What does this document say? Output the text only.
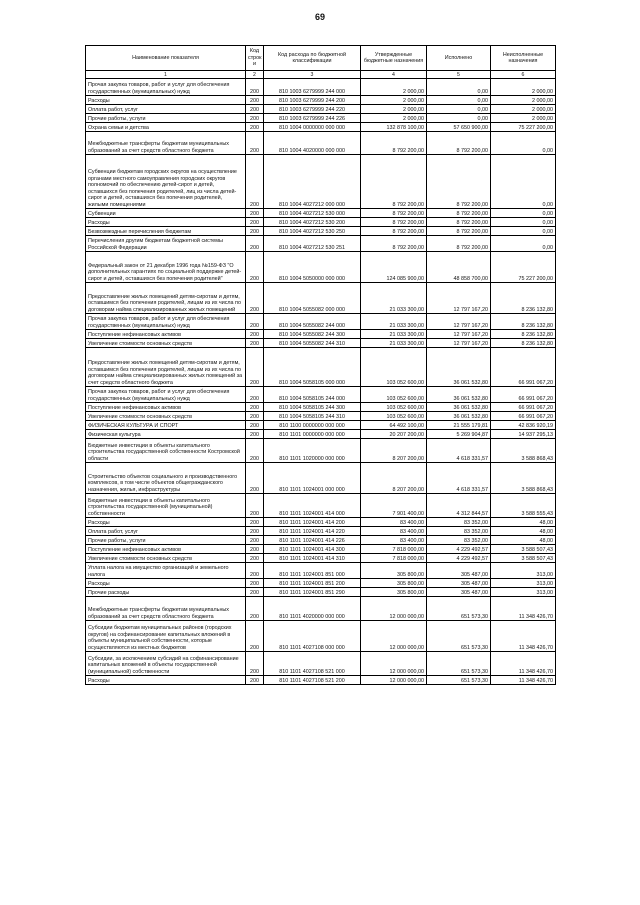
69
Наименование показателя	Код строк и	Код расхода по бюджетной классификации	Утвержденные бюджетные назначения	Исполнено	Неисполненные назначения
1	2	3	4	5	6
Прочая закупка товаров, работ и услуг для обеспечения государственных (муниципальных) нужд	200	810 1003 6279999 244 000	2 000,00	0,00	2 000,00
Расходы	200	810 1003 6279999 244 200	2 000,00	0,00	2 000,00
Оплата работ, услуг	200	810 1003 6279999 244 220	2 000,00	0,00	2 000,00
Прочие работы, услуги	200	810 1003 6279999 244 226	2 000,00	0,00	2 000,00
Охрана семьи и детства	200	810 1004 0000000 000 000	132 878 100,00	57 650 900,00	75 227 200,00
Межбюджетные трансферты бюджетам муниципальных образований за счет средств областного бюджета	200	810 1004 4020000 000 000	8 792 200,00	8 792 200,00	0,00
Субвенции бюджетам городских округов на осуществление органами местного самоуправления городских округов полномочий по обеспечению детей-сирот и детей, оставшихся без попечения родителей, лиц из числа детей-сирот и детей, оставшихся без попечения родителей, жилыми помещениями	200	810 1004 4027212 000 000	8 792 200,00	8 792 200,00	0,00
Субвенции	200	810 1004 4027212 530 000	8 792 200,00	8 792 200,00	0,00
Расходы	200	810 1004 4027212 530 200	8 792 200,00	8 792 200,00	0,00
Безвозмездные перечисления бюджетам	200	810 1004 4027212 530 250	8 792 200,00	8 792 200,00	0,00
Перечисления другим бюджетам бюджетной системы Российской Федерации	200	810 1004 4027212 530 251	8 792 200,00	8 792 200,00	0,00
Федеральный закон от 21 декабря 1996 года №159-ФЗ "О дополнительных гарантиях по социальной поддержке детей-сирот и детей, оставшихся без попечения родителей"	200	810 1004 5050000 000 000	124 085 900,00	48 858 700,00	75 227 200,00
Предоставление жилых помещений детям-сиротам и детям, оставшимся без попечения родителей, лицам из их числа по договорам найма специализированных жилых помещений	200	810 1004 5055082 000 000	21 033 300,00	12 797 167,20	8 236 132,80
Прочая закупка товаров, работ и услуг для обеспечения государственных (муниципальных) нужд	200	810 1004 5055082 244 000	21 033 300,00	12 797 167,20	8 236 132,80
Поступление нефинансовых активов	200	810 1004 5055082 244 300	21 033 300,00	12 797 167,20	8 236 132,80
Увеличение стоимости основных средств	200	810 1004 5055082 244 310	21 033 300,00	12 797 167,20	8 236 132,80
Предоставление жилых помещений детям-сиротам и детям, оставшимся без попечения родителей, лицам из их числа по договорам найма специализированных жилых помещений за счет средств областного бюджета	200	810 1004 5058105 000 000	103 052 600,00	36 061 532,80	66 991 067,20
Прочая закупка товаров, работ и услуг для обеспечения государственных (муниципальных) нужд	200	810 1004 5058105 244 000	103 052 600,00	36 061 532,80	66 991 067,20
Поступление нефинансовых активов	200	810 1004 5058105 244 300	103 052 600,00	36 061 532,80	66 991 067,20
Увеличение стоимости основных средств	200	810 1004 5058105 244 310	103 052 600,00	36 061 532,80	66 991 067,20
ФИЗИЧЕСКАЯ КУЛЬТУРА И СПОРТ	200	810 1100 0000000 000 000	64 492 100,00	21 555 179,81	42 836 920,19
Физическая культура	200	810 1101 0000000 000 000	20 207 200,00	5 269 904,87	14 937 295,13
Бюджетные инвестиции в объекты капитального строительства государственной собственности Костромской области	200	810 1101 1020000 000 000	8 207 200,00	4 618 331,57	3 588 868,43
Строительство объектов социального и производственного комплексов, в том числе объектов общегражданского назначения, жилья, инфраструктуры	200	810 1101 1024001 000 000	8 207 200,00	4 618 331,57	3 588 868,43
Бюджетные инвестиции в объекты капитального строительства государственной (муниципальной) собственности	200	810 1101 1024001 414 000	7 901 400,00	4 312 844,57	3 588 555,43
Расходы	200	810 1101 1024001 414 200	83 400,00	83 352,00	48,00
Оплата работ, услуг	200	810 1101 1024001 414 220	83 400,00	83 352,00	48,00
Прочие работы, услуги	200	810 1101 1024001 414 226	83 400,00	83 352,00	48,00
Поступление нефинансовых активов	200	810 1101 1024001 414 300	7 818 000,00	4 229 492,57	3 588 507,43
Увеличение стоимости основных средств	200	810 1101 1024001 414 310	7 818 000,00	4 229 492,57	3 588 507,43
Уплата налога на имущество организаций и земельного налога	200	810 1101 1024001 851 000	305 800,00	305 487,00	313,00
Расходы	200	810 1101 1024001 851 200	305 800,00	305 487,00	313,00
Прочие расходы	200	810 1101 1024001 851 290	305 800,00	305 487,00	313,00
Межбюджетные трансферты бюджетам муниципальных образований за счет средств областного бюджета	200	810 1101 4020000 000 000	12 000 000,00	651 573,30	11 348 426,70
Субсидии бюджетам муниципальных районов (городских округов) на софинансирование капитальных вложений в объекты муниципальной собственности, которые осуществляются из местных бюджетов	200	810 1101 4027108 000 000	12 000 000,00	651 573,30	11 348 426,70
Субсидии, за исключением субсидий на софинансирование капитальных вложений в объекты государственной (муниципальной) собственности	200	810 1101 4027108 521 000	12 000 000,00	651 573,30	11 348 426,70
Расходы	200	810 1101 4027108 521 200	12 000 000,00	651 573,30	11 348 426,70
